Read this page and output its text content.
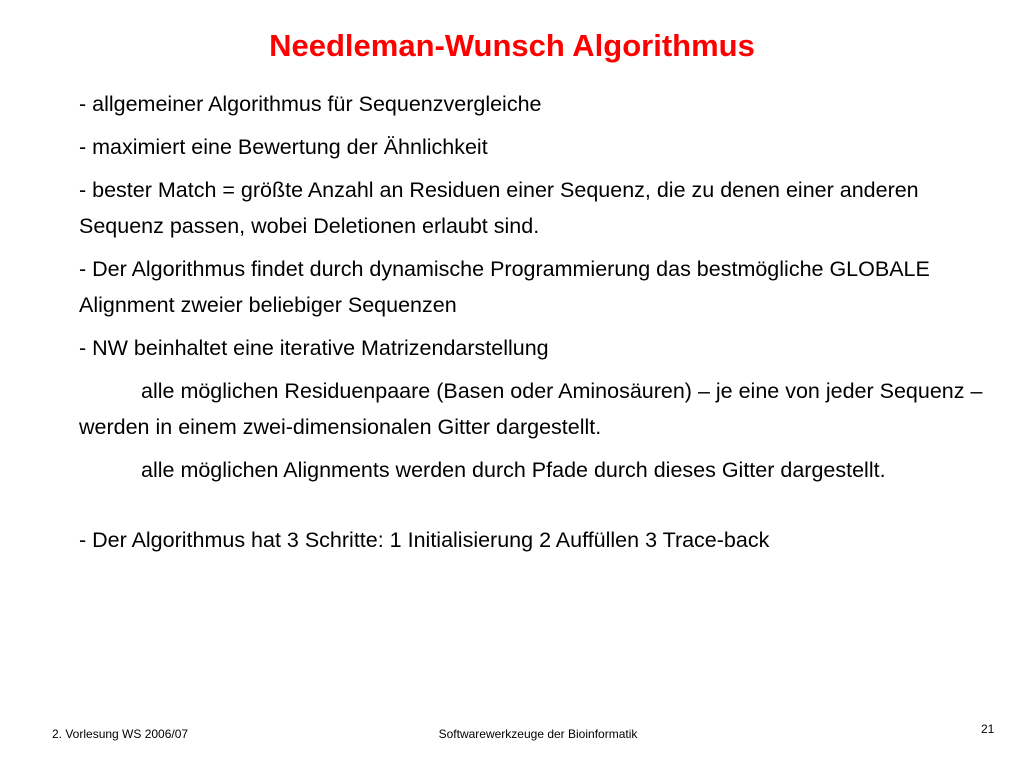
Needleman-Wunsch Algorithmus

- allgemeiner Algorithmus für Sequenzvergleiche

- maximiert eine Bewertung der Ähnlichkeit

- bester Match = größte Anzahl an Residuen einer Sequenz, die zu denen einer anderen Sequenz passen, wobei Deletionen erlaubt sind.

- Der Algorithmus findet durch dynamische Programmierung das bestmögliche GLOBALE Alignment zweier beliebiger Sequenzen

- NW beinhaltet eine iterative Matrizendarstellung

alle möglichen Residuenpaare (Basen oder Aminosäuren) – je eine von jeder Sequenz – werden in einem zwei-dimensionalen Gitter dargestellt.

alle möglichen Alignments werden durch Pfade durch dieses Gitter dargestellt.

- Der Algorithmus hat 3 Schritte: 1 Initialisierung 2 Auffüllen 3 Trace-back

2. Vorlesung WS 2006/07	Softwarewerkzeuge der Bioinformatik	21
